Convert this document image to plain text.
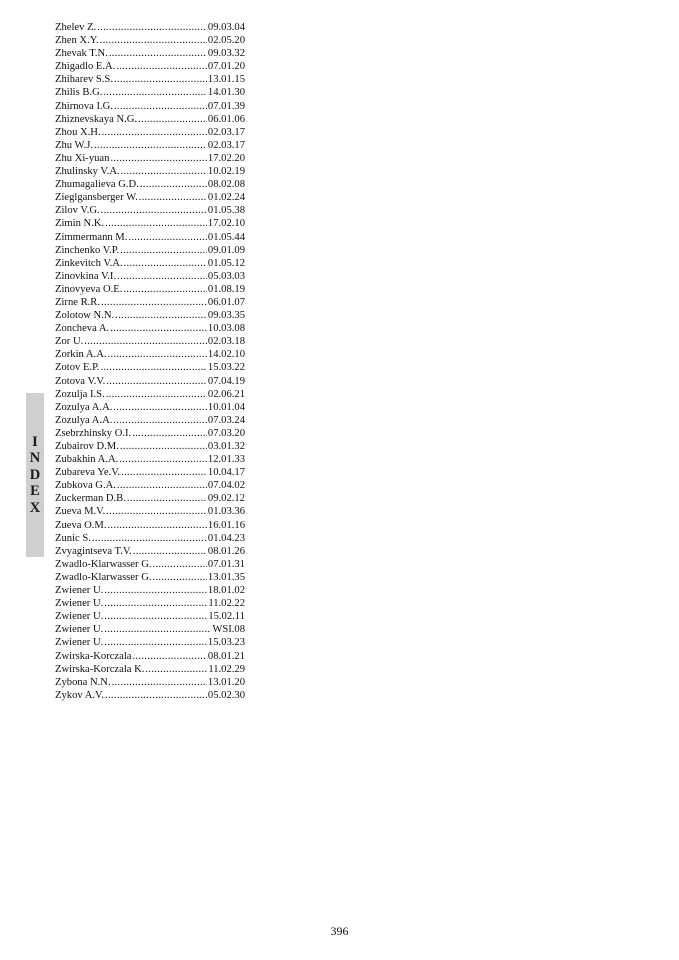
I
N
D
E
X
Zhelev Z. .....	09.03.04
Zhen X.Y. .....	02.05.20
Zhevak T.N. .....	09.03.32
Zhigadlo E.A. .....	07.01.20
Zhiharev S.S. .....	13.01.15
Zhilis B.G. .....	14.01.30
Zhirnova I.G. .....	07.01.39
Zhiznevskaya N.G. .....	06.01.06
Zhou X.H. .....	02.03.17
Zhu W.J. .....	02.03.17
Zhu Xi-yuan .....	17.02.20
Zhulinsky V.A. .....	10.02.19
Zhumagalieva G.D. .....	08.02.08
Zieglgansberger W. .....	01.02.24
Zilov V.G. .....	01.05.38
Zimin N.K. .....	17.02.10
Zimmermann M. .....	01.05.44
Zinchenko V.P. .....	09.01.09
Zinkevitch V.A. .....	01.05.12
Zinovkina V.I. .....	05.03.03
Zinovyeva O.E. .....	01.08.19
Zirne R.R. .....	06.01.07
Zolotow N.N. .....	09.03.35
Zoncheva A. .....	10.03.08
Zor U. .....	02.03.18
Zorkin A.A. .....	14.02.10
Zotov E.P. .....	15.03.22
Zotova V.V. .....	07.04.19
Zozulja I.S. .....	02.06.21
Zozulya A.A. .....	10.01.04
Zozulya A.A. .....	07.03.24
Zsebrzhinsky O.I. .....	07.03.20
Zubairov D.M. .....	03.01.32
Zubakhin A.A. .....	12.01.33
Zubareva Ye.V. .....	10.04.17
Zubkova G.A. .....	07.04.02
Zuckerman D.B. .....	09.02.12
Zueva M.V. .....	01.03.36
Zueva O.M. .....	16.01.16
Zunic S. .....	01.04.23
Zvyagintseva T.V. .....	08.01.26
Zwadlo-Klarwasser G. .....	07.01.31
Zwadlo-Klarwasser G. .....	13.01.35
Zwiener U. .....	18.01.02
Zwiener U. .....	11.02.22
Zwiener U. .....	15.02.11
Zwiener U. .....	WSI.08
Zwiener U. .....	15.03.23
Zwirska-Korczala .....	08.01.21
Zwirska-Korczala K. .....	11.02.29
Zybona N.N. .....	13.01.20
Zykov A.V. .....	05.02.30
396
